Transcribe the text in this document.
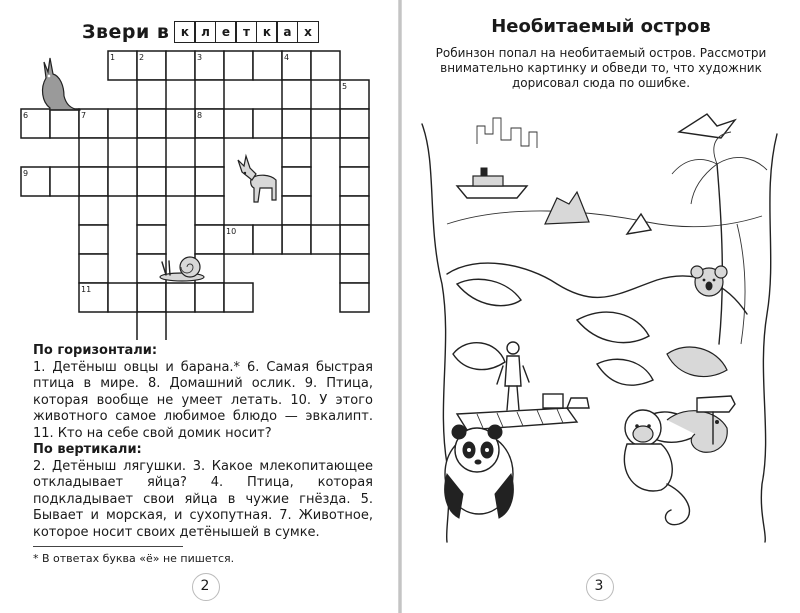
Звери в к	л	е	т	к	а	х
1	2	3	4
5
6	7	8
9
10
11

По горизонтали:

1. Детёныш овцы и барана.* 6. Самая быстрая птица в мире. 8. Домашний ослик. 9. Птица, которая вообще не умеет летать. 10. У этого животного самое любимое блюдо — эвкалипт. 11. Кто на себе свой домик носит?

По вертикали:

2. Детёныш лягушки. 3. Какое млекопитающее откладывает яйца? 4. Птица, которая подкладывает свои яйца в чужие гнёзда. 5. Бывает и морская, и сухопутная. 7. Животное, которое носит своих детёнышей в сумке.

* В ответах буква «ё» не пишется.
2
Необитаемый остров
Робинзон попал на необитаемый остров. Рассмотри внимательно картинку и обведи то, что художник дорисовал сюда по ошибке.
3
